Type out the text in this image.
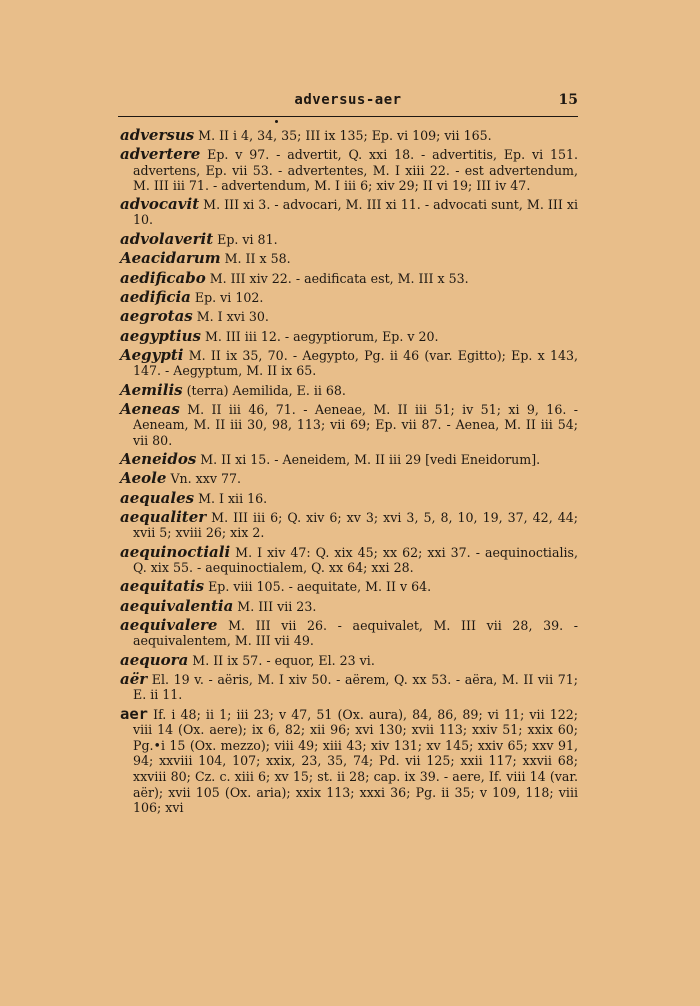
adversus-aer	15

adversus M. II i 4, 34, 35; III ix 135; Ep. vi 109; vii 165.

advertere Ep. v 97. - advertit, Q. xxi 18. - advertitis, Ep. vi 151. advertens, Ep. vii 53. - advertentes, M. I xiii 22. - est advertendum, M. III iii 71. - advertendum, M. I iii 6; xiv 29; II vi 19; III iv 47.

advocavit M. III xi 3. - advocari, M. III xi 11. - advocati sunt, M. III xi 10.

advolaverit Ep. vi 81.

Aeacidarum M. II x 58.

aedificabo M. III xiv 22. - aedificata est, M. III x 53.

aedificia Ep. vi 102.

aegrotas M. I xvi 30.

aegyptius M. III iii 12. - aegyptiorum, Ep. v 20.

Aegypti M. II ix 35, 70. - Aegypto, Pg. ii 46 (var. Egitto); Ep. x 143, 147. - Aegyptum, M. II ix 65.

Aemilis (terra) Aemilida, E. ii 68.

Aeneas M. II iii 46, 71. - Aeneae, M. II iii 51; iv 51; xi 9, 16. - Aeneam, M. II iii 30, 98, 113; vii 69; Ep. vii 87. - Aenea, M. II iii 54; vii 80.

Aeneidos M. II xi 15. - Aeneidem, M. II iii 29 [vedi Eneidorum].

Aeole Vn. xxv 77.

aequales M. I xii 16.

aequaliter M. III iii 6; Q. xiv 6; xv 3; xvi 3, 5, 8, 10, 19, 37, 42, 44; xvii 5; xviii 26; xix 2.

aequinoctiali M. I xiv 47: Q. xix 45; xx 62; xxi 37. - aequinoctialis, Q. xix 55. - aequinoctialem, Q. xx 64; xxi 28.

aequitatis Ep. viii 105. - aequitate, M. II v 64.

aequivalentia M. III vii 23.

aequivalere M. III vii 26. - aequivalet, M. III vii 28, 39. - aequivalentem, M. III vii 49.

aequora M. II ix 57. - equor, El. 23 vi.

aër El. 19 v. - aëris, M. I xiv 50. - aërem, Q. xx 53. - aëra, M. II vii 71; E. ii 11.

aer If. i 48; ii 1; iii 23; v 47, 51 (Ox. aura), 84, 86, 89; vi 11; vii 122; viii 14 (Ox. aere); ix 6, 82; xii 96; xvi 130; xvii 113; xxiv 51; xxix 60; Pg.•i 15 (Ox. mezzo); viii 49; xiii 43; xiv 131; xv 145; xxiv 65; xxv 91, 94; xxviii 104, 107; xxix, 23, 35, 74; Pd. vii 125; xxii 117; xxvii 68; xxviii 80; Cz. c. xiii 6; xv 15; st. ii 28; cap. ix 39. - aere, If. viii 14 (var. aër); xvii 105 (Ox. aria); xxix 113; xxxi 36; Pg. ii 35; v 109, 118; viii 106; xvi
